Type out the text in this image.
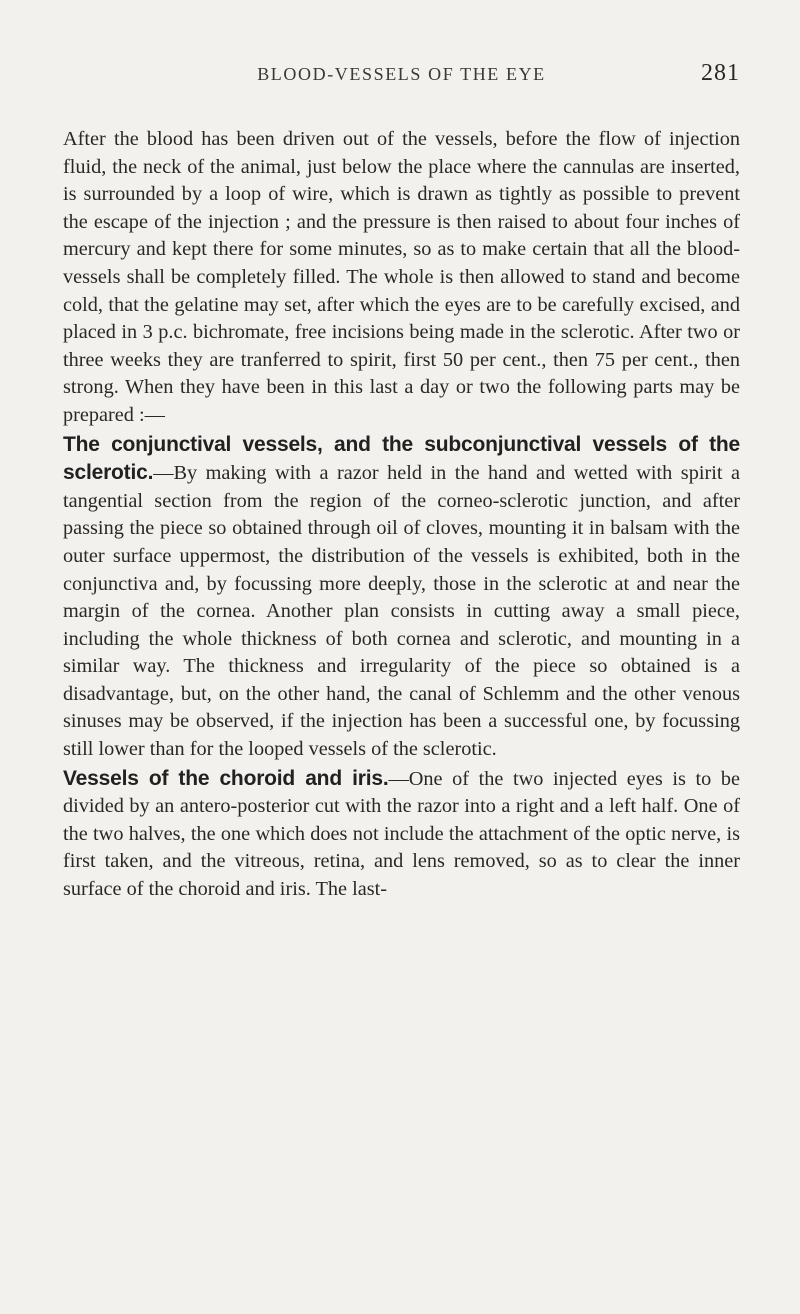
BLOOD-VESSELS OF THE EYE	281

After the blood has been driven out of the vessels, before the flow of injection fluid, the neck of the animal, just below the place where the cannulas are inserted, is surrounded by a loop of wire, which is drawn as tightly as possible to prevent the escape of the injection ; and the pressure is then raised to about four inches of mercury and kept there for some minutes, so as to make certain that all the blood-vessels shall be completely filled. The whole is then allowed to stand and become cold, that the gelatine may set, after which the eyes are to be carefully excised, and placed in 3 p.c. bichromate, free incisions being made in the sclerotic. After two or three weeks they are tranferred to spirit, first 50 per cent., then 75 per cent., then strong. When they have been in this last a day or two the following parts may be prepared :—

The conjunctival vessels, and the subconjunctival vessels of the sclerotic.—By making with a razor held in the hand and wetted with spirit a tangential section from the region of the corneo-sclerotic junction, and after passing the piece so obtained through oil of cloves, mounting it in balsam with the outer surface uppermost, the distribution of the vessels is exhibited, both in the conjunctiva and, by focussing more deeply, those in the sclerotic at and near the margin of the cornea. Another plan consists in cutting away a small piece, including the whole thickness of both cornea and sclerotic, and mounting in a similar way. The thickness and irregularity of the piece so obtained is a disadvantage, but, on the other hand, the canal of Schlemm and the other venous sinuses may be observed, if the injection has been a successful one, by focussing still lower than for the looped vessels of the sclerotic.

Vessels of the choroid and iris.—One of the two injected eyes is to be divided by an antero-posterior cut with the razor into a right and a left half. One of the two halves, the one which does not include the attachment of the optic nerve, is first taken, and the vitreous, retina, and lens removed, so as to clear the inner surface of the choroid and iris. The last-
